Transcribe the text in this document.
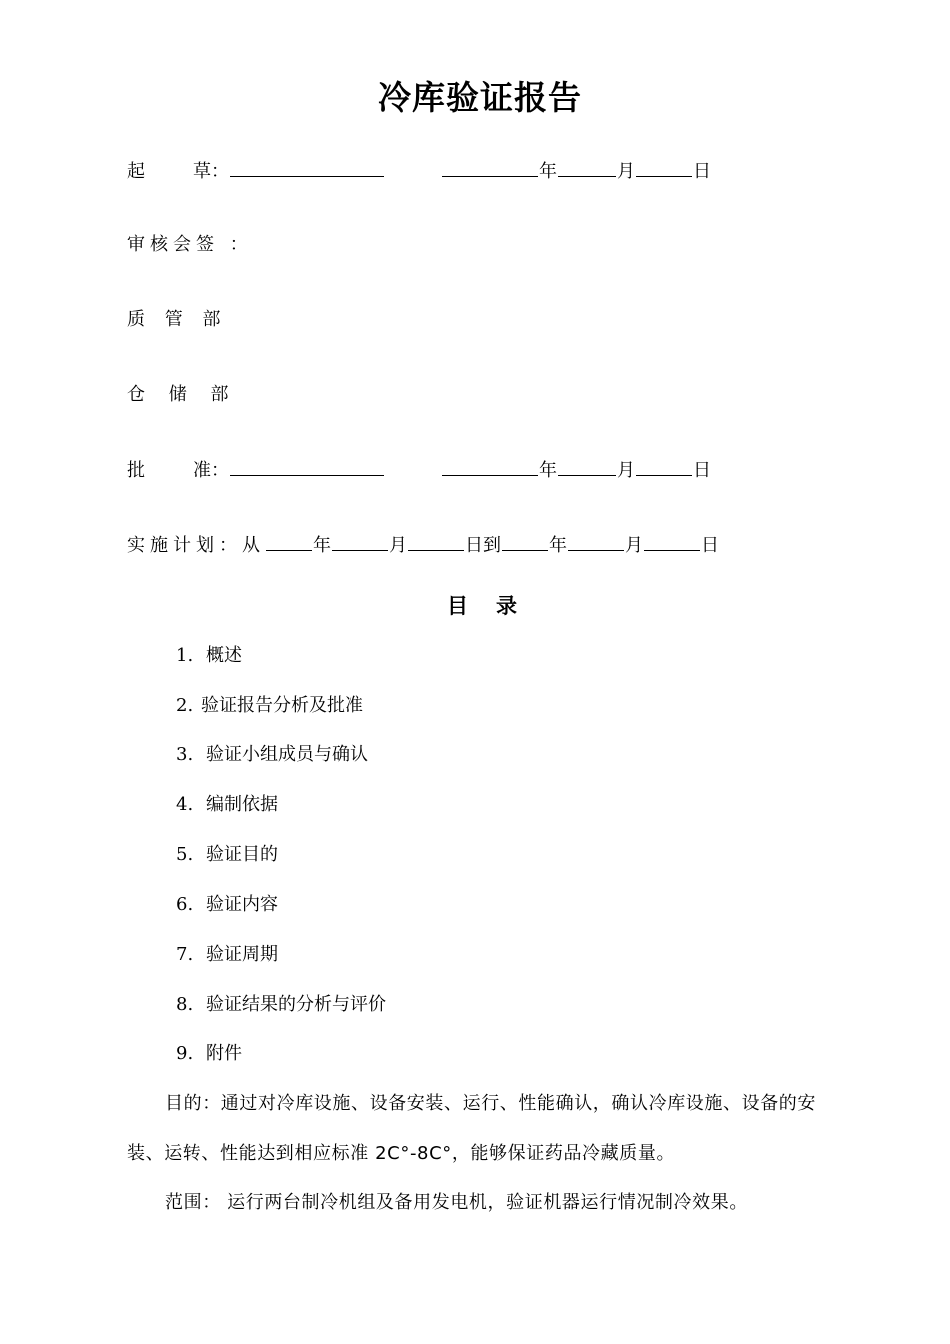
冷库验证报告
起	草：	年	月	日
审核会签 ：
质 管 部
仓 储 部
批	准：	年	月	日
实施计划：从	年	月	日到	年	月	日
目 录
1. 概述
2. 验证报告分析及批准
3. 验证小组成员与确认
4. 编制依据
5. 验证目的
6. 验证内容
7. 验证周期
8. 验证结果的分析与评价
9. 附件
目的：通过对冷库设施、设备安装、运行、性能确认，确认冷库设施、设备的安
装、运转、性能达到相应标准 2C°-8C°，能够保证药品冷藏质量。
范围： 运行两台制冷机组及备用发电机，验证机器运行情况制冷效果。
